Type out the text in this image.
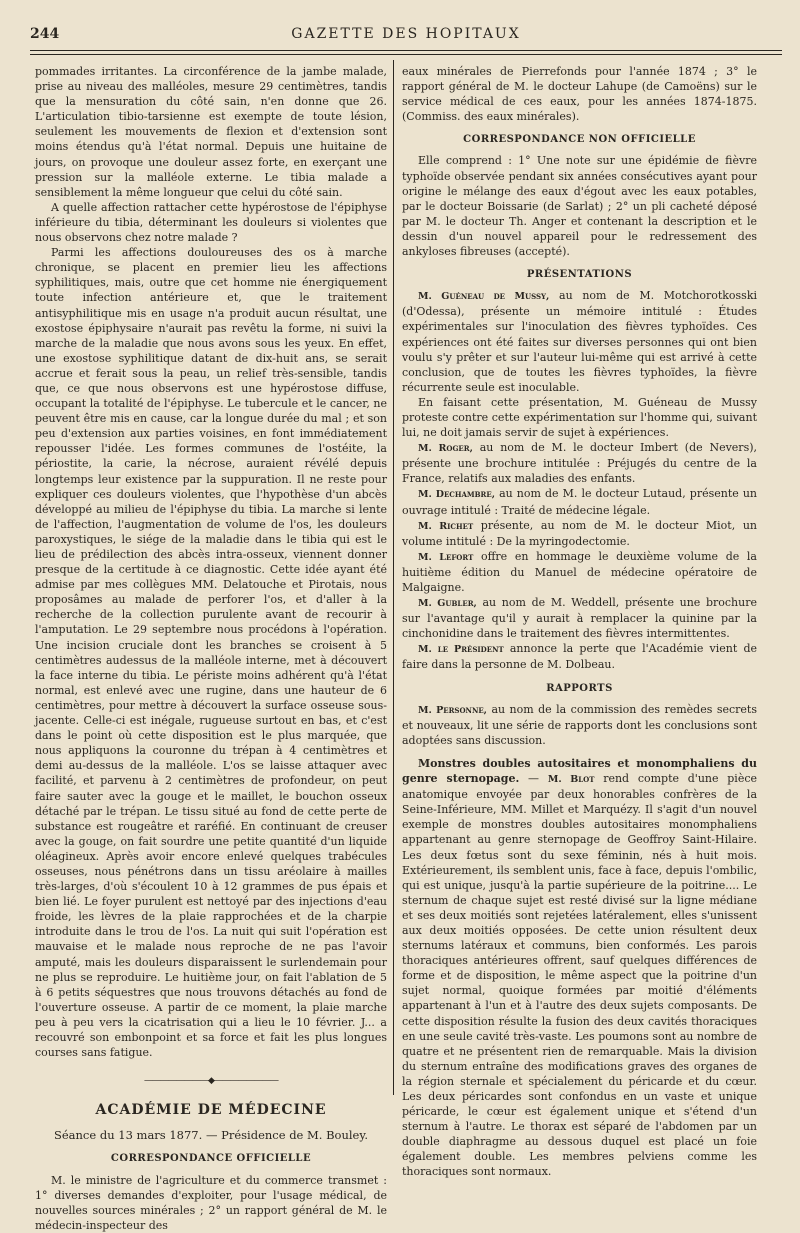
244	GAZETTE DES HOPITAUX

pommades irritantes. La circonférence de la jambe malade, prise au niveau des malléoles, mesure 29 centimètres, tandis que la mensuration du côté sain, n'en donne que 26. L'articulation tibio-tarsienne est exempte de toute lésion, seulement les mouvements de flexion et d'extension sont moins étendus qu'à l'état normal. Depuis une huitaine de jours, on provoque une douleur assez forte, en exerçant une pression sur la malléole externe. Le tibia malade a sensiblement la même longueur que celui du côté sain.

A quelle affection rattacher cette hypérostose de l'épiphyse inférieure du tibia, déterminant les douleurs si violentes que nous observons chez notre malade ?

Parmi les affections douloureuses des os à marche chronique, se placent en premier lieu les affections syphilitiques, mais, outre que cet homme nie énergiquement toute infection antérieure et, que le traitement antisyphilitique mis en usage n'a produit aucun résultat, une exostose épiphysaire n'aurait pas revêtu la forme, ni suivi la marche de la maladie que nous avons sous les yeux. En effet, une exostose syphilitique datant de dix-huit ans, se serait accrue et ferait sous la peau, un relief très-sensible, tandis que, ce que nous observons est une hypérostose diffuse, occupant la totalité de l'épiphyse. Le tubercule et le cancer, ne peuvent être mis en cause, car la longue durée du mal ; et son peu d'extension aux parties voisines, en font immédiatement repousser l'idée. Les formes communes de l'ostéite, la périostite, la carie, la nécrose, auraient révélé depuis longtemps leur existence par la suppuration. Il ne reste pour expliquer ces douleurs violentes, que l'hypothèse d'un abcès développé au milieu de l'épiphyse du tibia. La marche si lente de l'affection, l'augmentation de volume de l'os, les douleurs paroxystiques, le siége de la maladie dans le tibia qui est le lieu de prédilection des abcès intra-osseux, viennent donner presque de la certitude à ce diagnostic. Cette idée ayant été admise par mes collègues MM. Delatouche et Pirotais, nous proposâmes au malade de perforer l'os, et d'aller à la recherche de la collection purulente avant de recourir à l'amputation. Le 29 septembre nous procédons à l'opération. Une incision cruciale dont les branches se croisent à 5 centimètres audessus de la malléole interne, met à découvert la face interne du tibia. Le périste moins adhérent qu'à l'état normal, est enlevé avec une rugine, dans une hauteur de 6 centimètres, pour mettre à découvert la surface osseuse sous-jacente. Celle-ci est inégale, rugueuse surtout en bas, et c'est dans le point où cette disposition est le plus marquée, que nous appliquons la couronne du trépan à 4 centimètres et demi au-dessus de la malléole. L'os se laisse attaquer avec facilité, et parvenu à 2 centimètres de profondeur, on peut faire sauter avec la gouge et le maillet, le bouchon osseux détaché par le trépan. Le tissu situé au fond de cette perte de substance est rougeâtre et raréfié. En continuant de creuser avec la gouge, on fait sourdre une petite quantité d'un liquide oléagineux. Après avoir encore enlevé quelques trabécules osseuses, nous pénétrons dans un tissu aréolaire à mailles très-larges, d'où s'écoulent 10 à 12 grammes de pus épais et bien lié. Le foyer purulent est nettoyé par des injections d'eau froide, les lèvres de la plaie rapprochées et de la charpie introduite dans le trou de l'os. La nuit qui suit l'opération est mauvaise et le malade nous reproche de ne pas l'avoir amputé, mais les douleurs disparaissent le surlendemain pour ne plus se reproduire. Le huitième jour, on fait l'ablation de 5 à 6 petits séquestres que nous trouvons détachés au fond de l'ouverture osseuse. A partir de ce moment, la plaie marche peu à peu vers la cicatrisation qui a lieu le 10 février. J... a recouvré son embonpoint et sa force et fait les plus longues courses sans fatigue.

————————◆————————
ACADÉMIE DE MÉDECINE
Séance du 13 mars 1877. — Présidence de M. Bouley.
CORRESPONDANCE OFFICIELLE

M. le ministre de l'agriculture et du commerce transmet : 1° diverses demandes d'exploiter, pour l'usage médical, de nouvelles sources minérales ; 2° un rapport général de M. le médecin-inspecteur des

eaux minérales de Pierrefonds pour l'année 1874 ; 3° le rapport général de M. le docteur Lahupe (de Camoëns) sur le service médical de ces eaux, pour les années 1874-1875. (Commiss. des eaux minérales).

CORRESPONDANCE NON OFFICIELLE

Elle comprend : 1° Une note sur une épidémie de fièvre typhoïde observée pendant six années consécutives ayant pour origine le mélange des eaux d'égout avec les eaux potables, par le docteur Boissarie (de Sarlat) ; 2° un pli cacheté déposé par M. le docteur Th. Anger et contenant la description et le dessin d'un nouvel appareil pour le redressement des ankyloses fibreuses (accepté).

PRÉSENTATIONS

M. Guéneau de Mussy, au nom de M. Motchorotkosski (d'Odessa), présente un mémoire intitulé : Études expérimentales sur l'inoculation des fièvres typhoïdes. Ces expériences ont été faites sur diverses personnes qui ont bien voulu s'y prêter et sur l'auteur lui-même qui est arrivé à cette conclusion, que de toutes les fièvres typhoïdes, la fièvre récurrente seule est inoculable.

En faisant cette présentation, M. Guéneau de Mussy proteste contre cette expérimentation sur l'homme qui, suivant lui, ne doit jamais servir de sujet à expériences.

M. Roger, au nom de M. le docteur Imbert (de Nevers), présente une brochure intitulée : Préjugés du centre de la France, relatifs aux maladies des enfants.

M. Dechambre, au nom de M. le docteur Lutaud, présente un ouvrage intitulé : Traité de médecine légale.

M. Richet présente, au nom de M. le docteur Miot, un volume intitulé : De la myringodectomie.

M. Lefort offre en hommage le deuxième volume de la huitième édition du Manuel de médecine opératoire de Malgaigne.

M. Gubler, au nom de M. Weddell, présente une brochure sur l'avantage qu'il y aurait à remplacer la quinine par la cinchonidine dans le traitement des fièvres intermittentes.

M. le Président annonce la perte que l'Académie vient de faire dans la personne de M. Dolbeau.

RAPPORTS

M. Personne, au nom de la commission des remèdes secrets et nouveaux, lit une série de rapports dont les conclusions sont adoptées sans discussion.

Monstres doubles autositaires et monomphaliens du genre sternopage. — M. Blot rend compte d'une pièce anatomique envoyée par deux honorables confrères de la Seine-Inférieure, MM. Millet et Marquézy. Il s'agit d'un nouvel exemple de monstres doubles autositaires monomphaliens appartenant au genre sternopage de Geoffroy Saint-Hilaire. Les deux fœtus sont du sexe féminin, nés à huit mois. Extérieurement, ils semblent unis, face à face, depuis l'ombilic, qui est unique, jusqu'à la partie supérieure de la poitrine.... Le sternum de chaque sujet est resté divisé sur la ligne médiane et ses deux moitiés sont rejetées latéralement, elles s'unissent aux deux moitiés opposées. De cette union résultent deux sternums latéraux et communs, bien conformés. Les parois thoraciques antérieures offrent, sauf quelques différences de forme et de disposition, le même aspect que la poitrine d'un sujet normal, quoique formées par moitié d'éléments appartenant à l'un et à l'autre des deux sujets composants. De cette disposition résulte la fusion des deux cavités thoraciques en une seule cavité très-vaste. Les poumons sont au nombre de quatre et ne présentent rien de remarquable. Mais la division du sternum entraîne des modifications graves des organes de la région sternale et spécialement du péricarde et du cœur. Les deux péricardes sont confondus en un vaste et unique péricarde, le cœur est également unique et s'étend d'un sternum à l'autre. Le thorax est séparé de l'abdomen par un double diaphragme au dessous duquel est placé un foie également double. Les membres pelviens comme les thoraciques sont normaux.
